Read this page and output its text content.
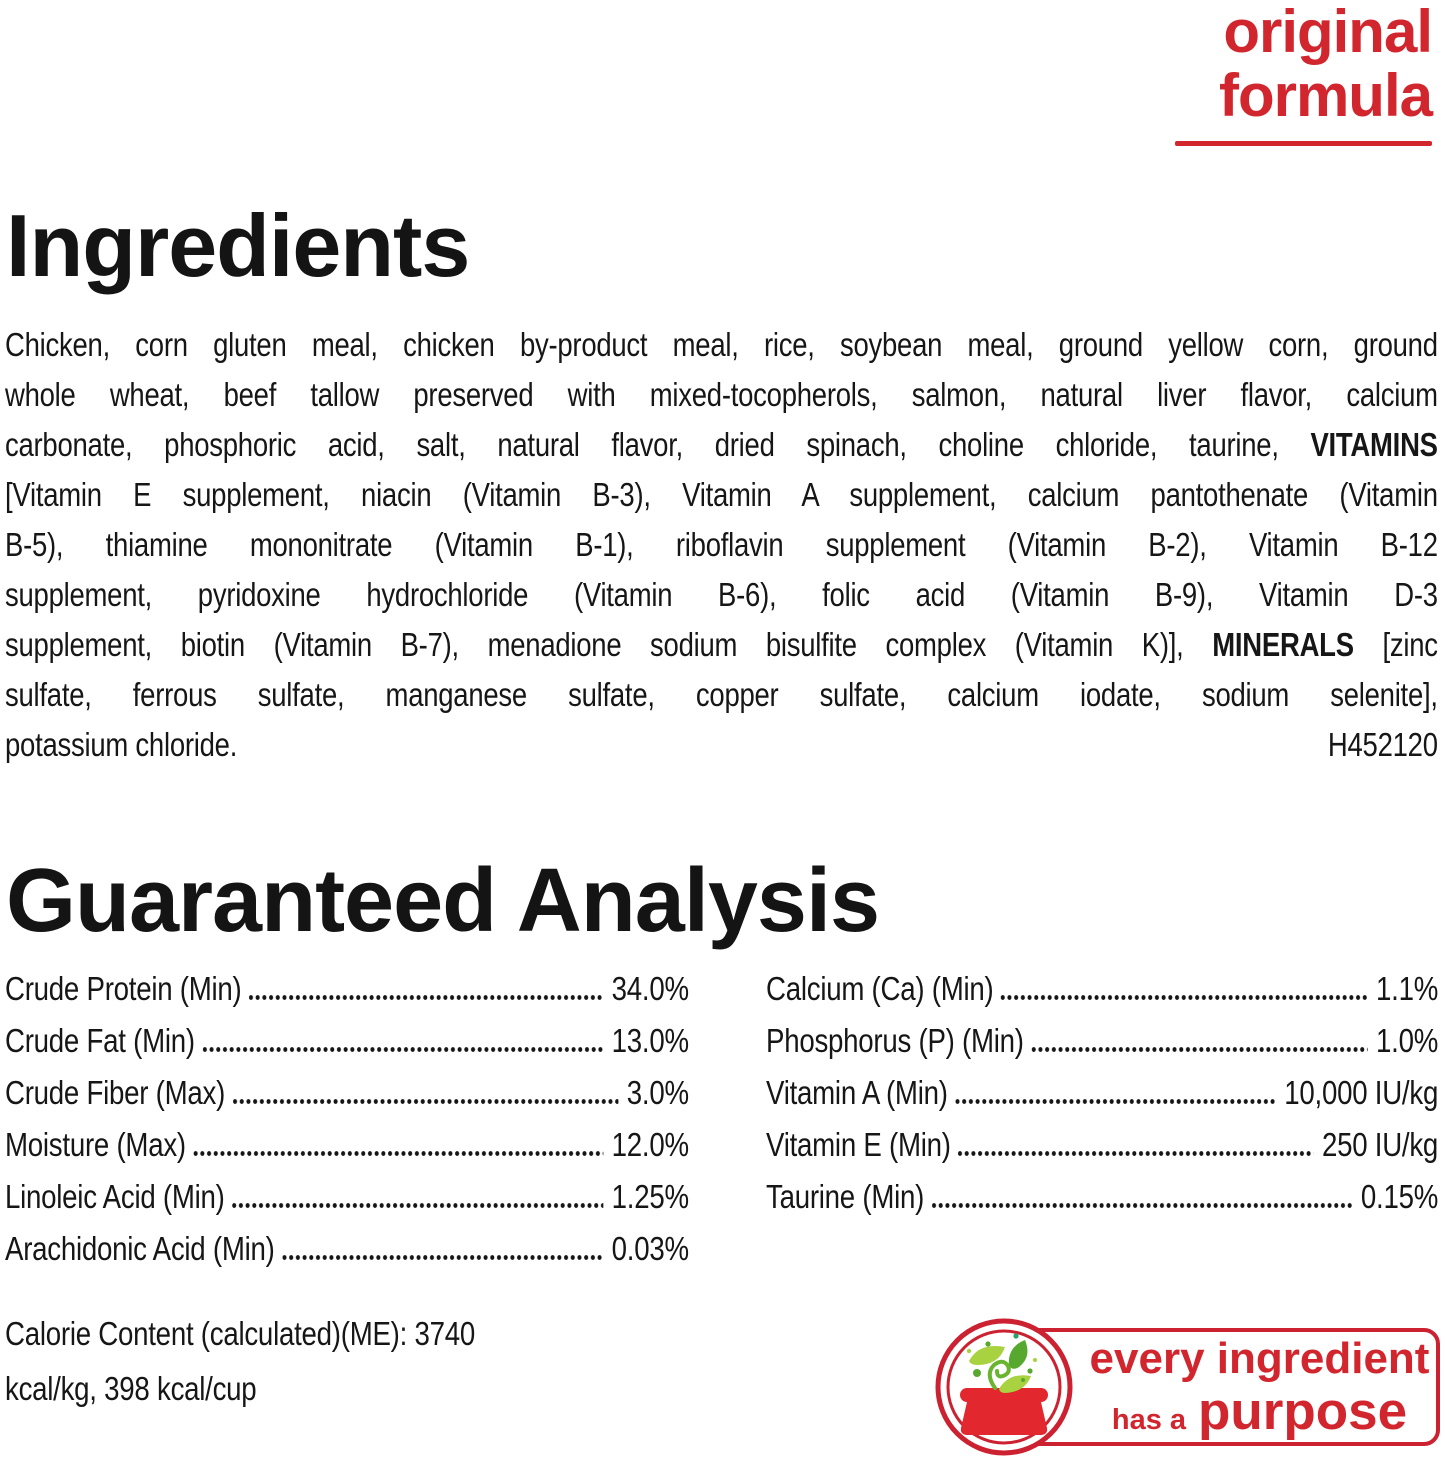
original
formula
Ingredients
Chicken, corn gluten meal, chicken by-product meal, rice, soybean meal, ground yellow corn, ground
whole wheat, beef tallow preserved with mixed-tocopherols, salmon, natural liver flavor, calcium
carbonate, phosphoric acid, salt, natural flavor, dried spinach, choline chloride, taurine, VITAMINS
[Vitamin E supplement, niacin (Vitamin B-3), Vitamin A supplement, calcium pantothenate (Vitamin
B-5), thiamine mononitrate (Vitamin B-1), riboflavin supplement (Vitamin B-2), Vitamin B-12
supplement, pyridoxine hydrochloride (Vitamin B-6), folic acid (Vitamin B-9), Vitamin D-3
supplement, biotin (Vitamin B-7), menadione sodium bisulfite complex (Vitamin K)], MINERALS [zinc
sulfate, ferrous sulfate, manganese sulfate, copper sulfate, calcium iodate, sodium selenite],
potassium chloride.	H452120
Guaranteed Analysis
Crude Protein (Min)	34.0%
Crude Fat (Min)	13.0%
Crude Fiber (Max)	3.0%
Moisture (Max)	12.0%
Linoleic Acid (Min)	1.25%
Arachidonic Acid (Min)	0.03%
Calcium (Ca) (Min)	1.1%
Phosphorus (P) (Min)	1.0%
Vitamin A (Min)	10,000 IU/kg
Vitamin E (Min)	250 IU/kg
Taurine (Min)	0.15%
Calorie Content (calculated)(ME): 3740
kcal/kg, 398 kcal/cup
every ingredient
has a purpose
